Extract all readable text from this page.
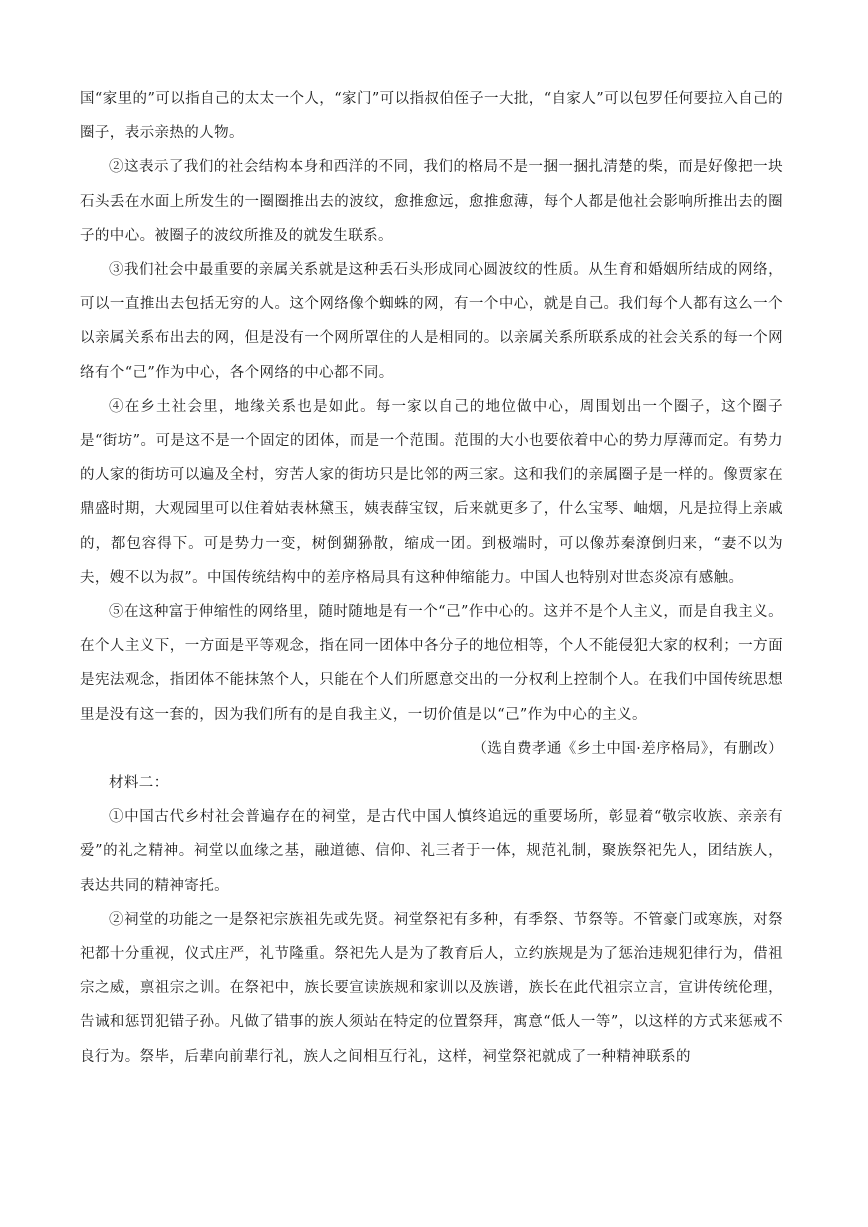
国“家里的”可以指自己的太太一个人，“家门”可以指叔伯侄子一大批，“自家人”可以包罗任何要拉入自己的圈子，表示亲热的人物。

②这表示了我们的社会结构本身和西洋的不同，我们的格局不是一捆一捆扎清楚的柴，而是好像把一块石头丢在水面上所发生的一圈圈推出去的波纹，愈推愈远，愈推愈薄，每个人都是他社会影响所推出去的圈子的中心。被圈子的波纹所推及的就发生联系。

③我们社会中最重要的亲属关系就是这种丢石头形成同心圆波纹的性质。从生育和婚姻所结成的网络，可以一直推出去包括无穷的人。这个网络像个蜘蛛的网，有一个中心，就是自己。我们每个人都有这么一个以亲属关系布出去的网，但是没有一个网所罩住的人是相同的。以亲属关系所联系成的社会关系的每一个网络有个“己”作为中心，各个网络的中心都不同。

④在乡土社会里，地缘关系也是如此。每一家以自己的地位做中心，周围划出一个圈子，这个圈子是“街坊”。可是这不是一个固定的团体，而是一个范围。范围的大小也要依着中心的势力厚薄而定。有势力的人家的街坊可以遍及全村，穷苦人家的街坊只是比邻的两三家。这和我们的亲属圈子是一样的。像贾家在鼎盛时期，大观园里可以住着姑表林黛玉，姨表薛宝钗，后来就更多了，什么宝琴、岫烟，凡是拉得上亲戚的，都包容得下。可是势力一变，树倒猢狲散，缩成一团。到极端时，可以像苏秦潦倒归来，“妻不以为夫，嫂不以为叔”。中国传统结构中的差序格局具有这种伸缩能力。中国人也特别对世态炎凉有感触。

⑤在这种富于伸缩性的网络里，随时随地是有一个“己”作中心的。这并不是个人主义，而是自我主义。在个人主义下，一方面是平等观念，指在同一团体中各分子的地位相等，个人不能侵犯大家的权利；一方面是宪法观念，指团体不能抹煞个人，只能在个人们所愿意交出的一分权利上控制个人。在我们中国传统思想里是没有这一套的，因为我们所有的是自我主义，一切价值是以“己”作为中心的主义。

（选自费孝通《乡土中国·差序格局》，有删改）

材料二：

①中国古代乡村社会普遍存在的祠堂，是古代中国人慎终追远的重要场所，彰显着“敬宗收族、亲亲有爱”的礼之精神。祠堂以血缘之基，融道德、信仰、礼三者于一体，规范礼制，聚族祭祀先人，团结族人，表达共同的精神寄托。

②祠堂的功能之一是祭祀宗族祖先或先贤。祠堂祭祀有多种，有季祭、节祭等。不管豪门或寒族，对祭祀都十分重视，仪式庄严，礼节隆重。祭祀先人是为了教育后人，立约族规是为了惩治违规犯律行为，借祖宗之威，禀祖宗之训。在祭祀中，族长要宣读族规和家训以及族谱，族长在此代祖宗立言，宣讲传统伦理，告诫和惩罚犯错子孙。凡做了错事的族人须站在特定的位置祭拜，寓意“低人一等”，以这样的方式来惩戒不良行为。祭毕，后辈向前辈行礼，族人之间相互行礼，这样，祠堂祭祀就成了一种精神联系的
